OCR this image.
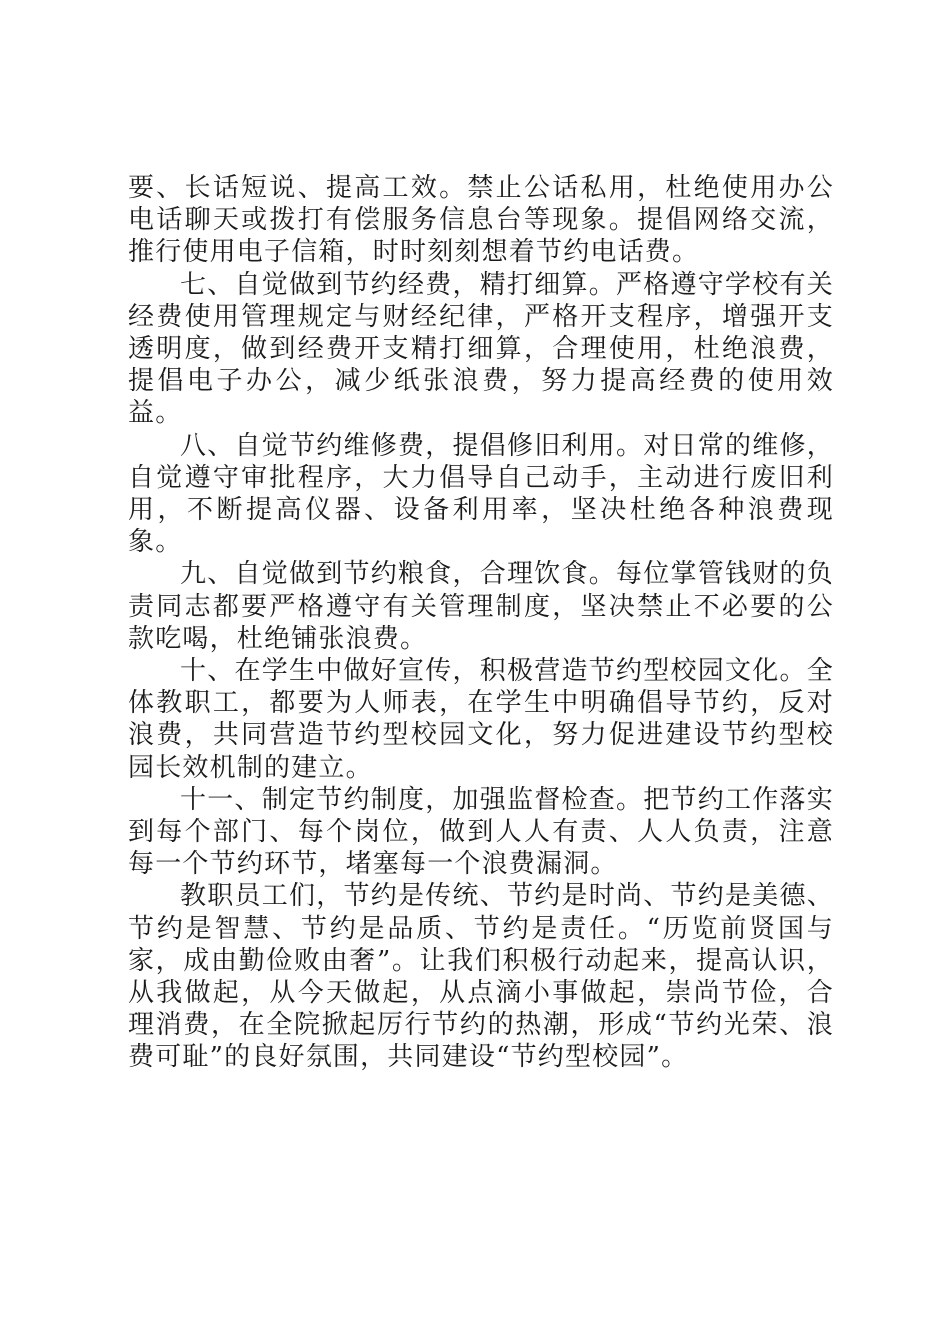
要、长话短说、提高工效。禁止公话私用，杜绝使用办公电话聊天或拨打有偿服务信息台等现象。提倡网络交流，推行使用电子信箱，时时刻刻想着节约电话费。

七、自觉做到节约经费，精打细算。严格遵守学校有关经费使用管理规定与财经纪律，严格开支程序，增强开支透明度，做到经费开支精打细算，合理使用，杜绝浪费，提倡电子办公，减少纸张浪费，努力提高经费的使用效益。

八、自觉节约维修费，提倡修旧利用。对日常的维修，自觉遵守审批程序，大力倡导自己动手，主动进行废旧利用，不断提高仪器、设备利用率，坚决杜绝各种浪费现象。

九、自觉做到节约粮食，合理饮食。每位掌管钱财的负责同志都要严格遵守有关管理制度，坚决禁止不必要的公款吃喝，杜绝铺张浪费。

十、在学生中做好宣传，积极营造节约型校园文化。全体教职工，都要为人师表，在学生中明确倡导节约，反对浪费，共同营造节约型校园文化，努力促进建设节约型校园长效机制的建立。

十一、制定节约制度，加强监督检查。把节约工作落实到每个部门、每个岗位，做到人人有责、人人负责，注意每一个节约环节，堵塞每一个浪费漏洞。

教职员工们，节约是传统、节约是时尚、节约是美德、节约是智慧、节约是品质、节约是责任。“历览前贤国与家，成由勤俭败由奢”。让我们积极行动起来，提高认识，从我做起，从今天做起，从点滴小事做起，崇尚节俭，合理消费，在全院掀起厉行节约的热潮，形成“节约光荣、浪费可耻”的良好氛围，共同建设“节约型校园”。
